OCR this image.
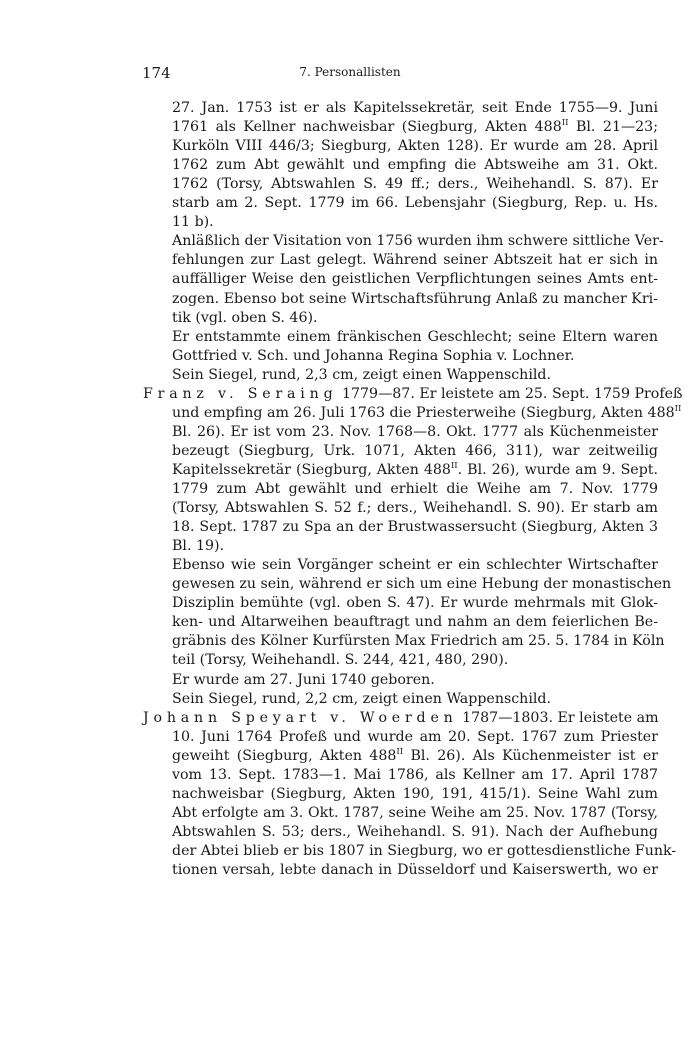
174	7. Personallisten
27. Jan. 1753 ist er als Kapitelssekretär, seit Ende 1755—9. Juni
1761 als Kellner nachweisbar (Siegburg, Akten $488^{II}$ Bl. 21—23;
Kurköln VIII 446/3; Siegburg, Akten 128). Er wurde am 28. April
1762 zum Abt gewählt und empfing die Abtsweihe am 31. Okt.
1762 (Torsy, Abtswahlen S. 49 ff.; ders., Weihehandl. S. 87). Er
starb am 2. Sept. 1779 im 66. Lebensjahr (Siegburg, Rep. u. Hs.
11 b).
Anläßlich der Visitation von 1756 wurden ihm schwere sittliche Ver-
fehlungen zur Last gelegt. Während seiner Abtszeit hat er sich in
auffälliger Weise den geistlichen Verpflichtungen seines Amts ent-
zogen. Ebenso bot seine Wirtschaftsführung Anlaß zu mancher Kri-
tik (vgl. oben S. 46).
Er entstammte einem fränkischen Geschlecht; seine Eltern waren
Gottfried v. Sch. und Johanna Regina Sophia v. Lochner.
Sein Siegel, rund, 2,3 cm, zeigt einen Wappenschild.
Franz v. Seraing 1779—87. Er leistete am 25. Sept. 1759 Profeß
und empfing am 26. Juli 1763 die Priesterweihe (Siegburg, Akten $488^{II}$
Bl. 26). Er ist vom 23. Nov. 1768—8. Okt. 1777 als Küchenmeister
bezeugt (Siegburg, Urk. 1071, Akten 466, 311), war zeitweilig
Kapitelssekretär (Siegburg, Akten $488^{II}$. Bl. 26), wurde am 9. Sept.
1779 zum Abt gewählt und erhielt die Weihe am 7. Nov. 1779
(Torsy, Abtswahlen S. 52 f.; ders., Weihehandl. S. 90). Er starb am
18. Sept. 1787 zu Spa an der Brustwassersucht (Siegburg, Akten 3
Bl. 19).
Ebenso wie sein Vorgänger scheint er ein schlechter Wirtschafter
gewesen zu sein, während er sich um eine Hebung der monastischen
Disziplin bemühte (vgl. oben S. 47). Er wurde mehrmals mit Glok-
ken- und Altarweihen beauftragt und nahm an dem feierlichen Be-
gräbnis des Kölner Kurfürsten Max Friedrich am 25. 5. 1784 in Köln
teil (Torsy, Weihehandl. S. 244, 421, 480, 290).
Er wurde am 27. Juni 1740 geboren.
Sein Siegel, rund, 2,2 cm, zeigt einen Wappenschild.
Johann Speyart v. Woerden 1787—1803. Er leistete am
10. Juni 1764 Profeß und wurde am 20. Sept. 1767 zum Priester
geweiht (Siegburg, Akten $488^{II}$ Bl. 26). Als Küchenmeister ist er
vom 13. Sept. 1783—1. Mai 1786, als Kellner am 17. April 1787
nachweisbar (Siegburg, Akten 190, 191, 415/1). Seine Wahl zum
Abt erfolgte am 3. Okt. 1787, seine Weihe am 25. Nov. 1787 (Torsy,
Abtswahlen S. 53; ders., Weihehandl. S. 91). Nach der Aufhebung
der Abtei blieb er bis 1807 in Siegburg, wo er gottesdienstliche Funk-
tionen versah, lebte danach in Düsseldorf und Kaiserswerth, wo er
